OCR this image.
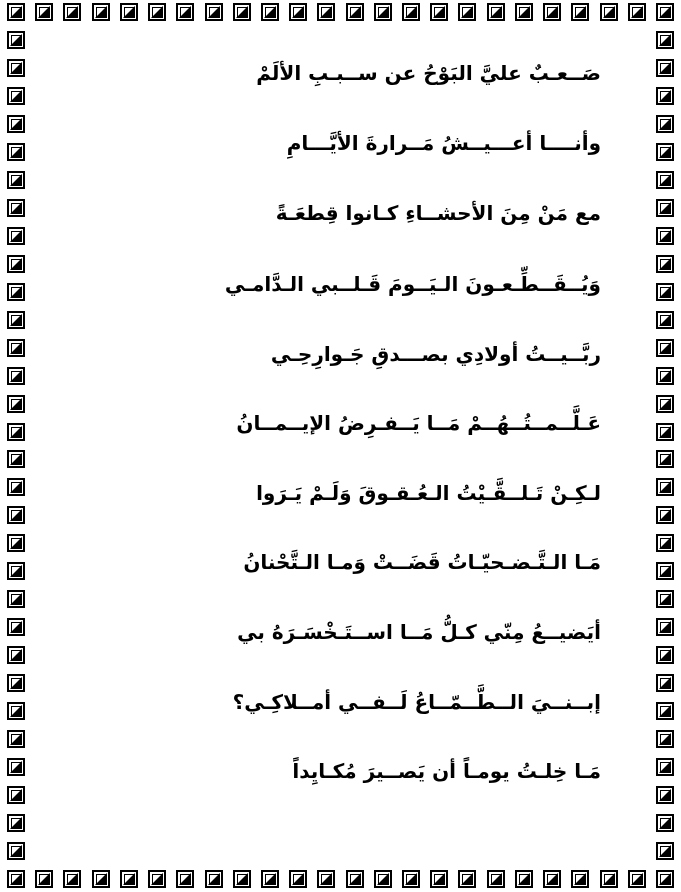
صَــعـبٌ عليَّ البَوْحُ عن ســبـبِ الألَمْ
وأنــــا أعـــيــشُ مَــرارةَ الأيَّـــامِ
مع مَنْ مِنَ الأحشــاءِ كـانوا قِطعَـةً
وَيُــقَــطِّـعـونَ الـيَــومَ قَـلــبي الـدَّامـي
ربَّــيــتُ أولادِي بصـــدقِ جَـوارِحِـي
عَـلَّــمــتُــهُــمْ مَــا يَــفـرِضُ الإيــمــانُ
لـكِـنْ تَـلــقَّـيْتُ الـعُـقـوقَ وَلَـمْ يَـرَوا
مَـا الـتَّـضـحيّـاتُ قَضَــتْ وَمـا الـتَّحْنانُ
أيَضيــعُ مِنّي كـلُّ مَــا اســتَـخْسَـرَهُ بي
إبــنــيَ الــطَّــمّــاعُ لَــفــي أمــلاكِـي؟
مَـا خِلـتُ يومـاً أن يَصــيرَ مُكـايِداً
